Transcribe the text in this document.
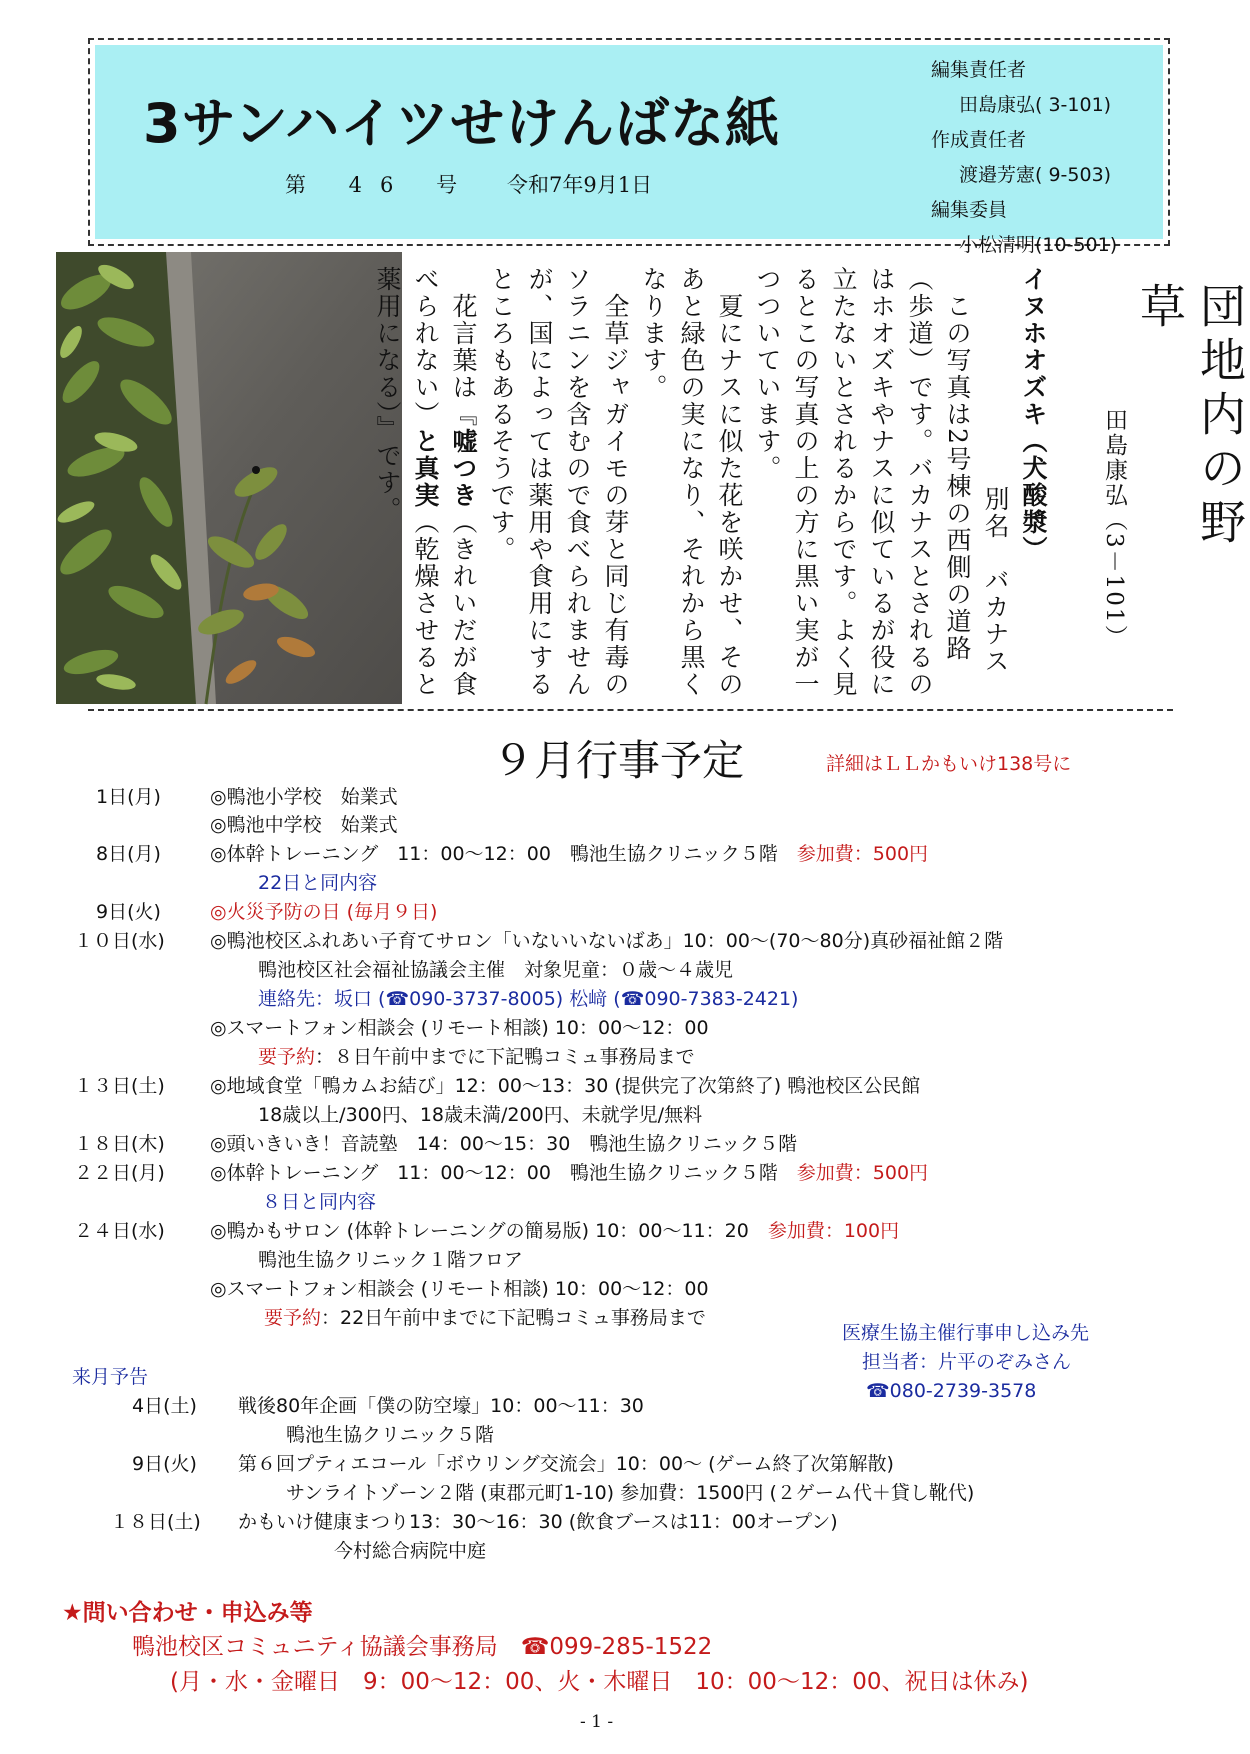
3サンハイツせけんばな紙
第 46 号 令和7年9月1日
編集責任者
田島康弘( 3-101)
作成責任者
渡邉芳憲( 9-503)
編集委員
小松清明(10-501)
団地内の野草
田島康弘（3－101）

イヌホオズキ（犬酸漿）

別名　バカナス

　この写真は2号棟の西側の道路（歩道）です。バカナスとされるのはホオズキやナスに似ているが役に立たないとされるからです。よく見るとこの写真の上の方に黒い実が一つついています。

　夏にナスに似た花を咲かせ、そのあと緑色の実になり、それから黒くなります。

　全草ジャガイモの芽と同じ有毒のソラニンを含むので食べられませんが、国によっては薬用や食用にするところもあるそうです。

　花言葉は『嘘つき（きれいだが食べられない）と真実（乾燥させると薬用になる）』です。

９月行事予定	詳細はＬＬかもいけ138号に
1日(月)	◎鴨池小学校　始業式
◎鴨池中学校　始業式
8日(月)	◎体幹トレーニング　11：00～12：00　鴨池生協クリニック５階　 参加費：500円
22日と同内容
9日(火)	◎火災予防の日 (毎月９日)
１０日(水) ◎鴨池校区ふれあい子育てサロン「いないいないばあ」10：00～(70～80分)真砂福祉館２階
鴨池校区社会福祉協議会主催　対象児童：０歳～４歳児
連絡先：坂口 (☎090-3737-8005) 松﨑 (☎090-7383-2421)
◎スマートフォン相談会 (リモート相談) 10：00～12：00
要予約：８日午前中までに下記鴨コミュ事務局まで
１３日(土) ◎地域食堂「鴨カムお結び」12：00～13：30 (提供完了次第終了) 鴨池校区公民館
18歳以上/300円、18歳未満/200円、未就学児/無料
１８日(木) ◎頭いきいき！音読塾　14：00～15：30　鴨池生協クリニック５階
２２日(月) ◎体幹トレーニング　11：00～12：00　鴨池生協クリニック５階　 参加費：500円
８日と同内容
２４日(水) ◎鴨かもサロン (体幹トレーニングの簡易版) 10：00～11：20　 参加費：100円
鴨池生協クリニック１階フロア
◎スマートフォン相談会 (リモート相談) 10：00～12：00
要予約：22日午前中までに下記鴨コミュ事務局まで
医療生協主催行事申し込み先
担当者：片平のぞみさん
☎080-2739-3578
来月予告
4日(土) 戦後80年企画「僕の防空壕」10：00～11：30
鴨池生協クリニック５階
9日(火) 第６回プティエコール「ボウリング交流会」10：00～ (ゲーム終了次第解散)
サンライトゾーン２階 (東郡元町1-10) 参加費：1500円 (２ゲーム代＋貸し靴代)
１８日(土) かもいけ健康まつり13：30～16：30 (飲食ブースは11：00オープン)
今村総合病院中庭
★問い合わせ・申込み等
鴨池校区コミュニティ協議会事務局　☎099-285-1522
(月・水・金曜日　9：00～12：00、火・木曜日　10：00～12：00、祝日は休み)
- 1 -
